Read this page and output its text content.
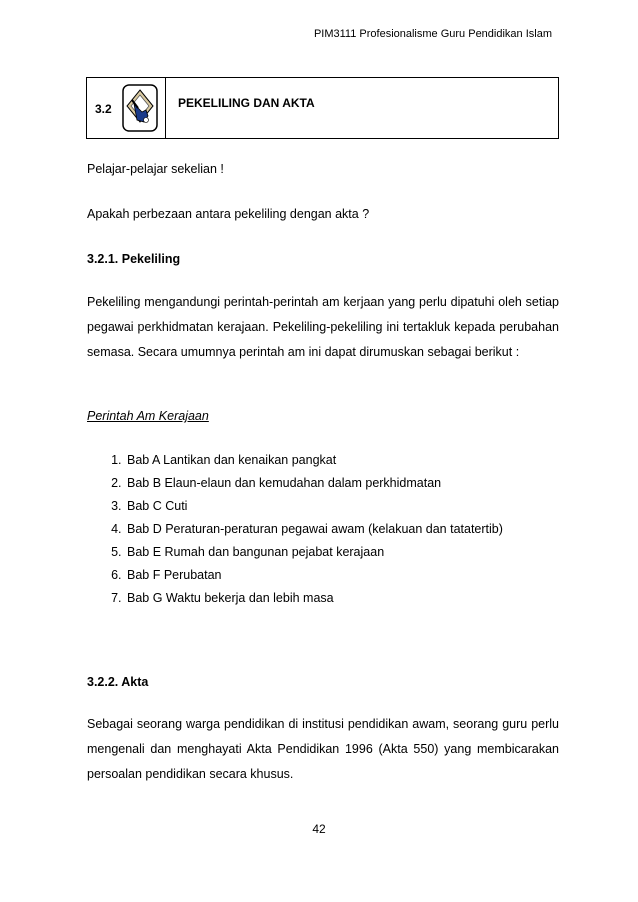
PIM3111 Profesionalisme Guru Pendidikan Islam
3.2	PEKELILING DAN AKTA
Pelajar-pelajar sekelian !
Apakah perbezaan antara pekeliling dengan akta ?
3.2.1. Pekeliling
Pekeliling mengandungi perintah-perintah am kerjaan yang perlu dipatuhi oleh setiap pegawai perkhidmatan kerajaan. Pekeliling-pekeliling ini tertakluk kepada perubahan semasa. Secara umumnya perintah am ini dapat dirumuskan sebagai berikut :
Perintah Am Kerajaan
1. Bab A Lantikan dan kenaikan pangkat
2. Bab B Elaun-elaun dan kemudahan dalam perkhidmatan
3. Bab C Cuti
4. Bab D Peraturan-peraturan pegawai awam (kelakuan dan tatatertib)
5. Bab E Rumah dan bangunan pejabat kerajaan
6. Bab F Perubatan
7. Bab G Waktu bekerja dan lebih masa
3.2.2. Akta
Sebagai seorang warga pendidikan di institusi pendidikan awam, seorang guru perlu mengenali dan menghayati Akta Pendidikan 1996 (Akta 550) yang membicarakan persoalan pendidikan secara khusus.
42
